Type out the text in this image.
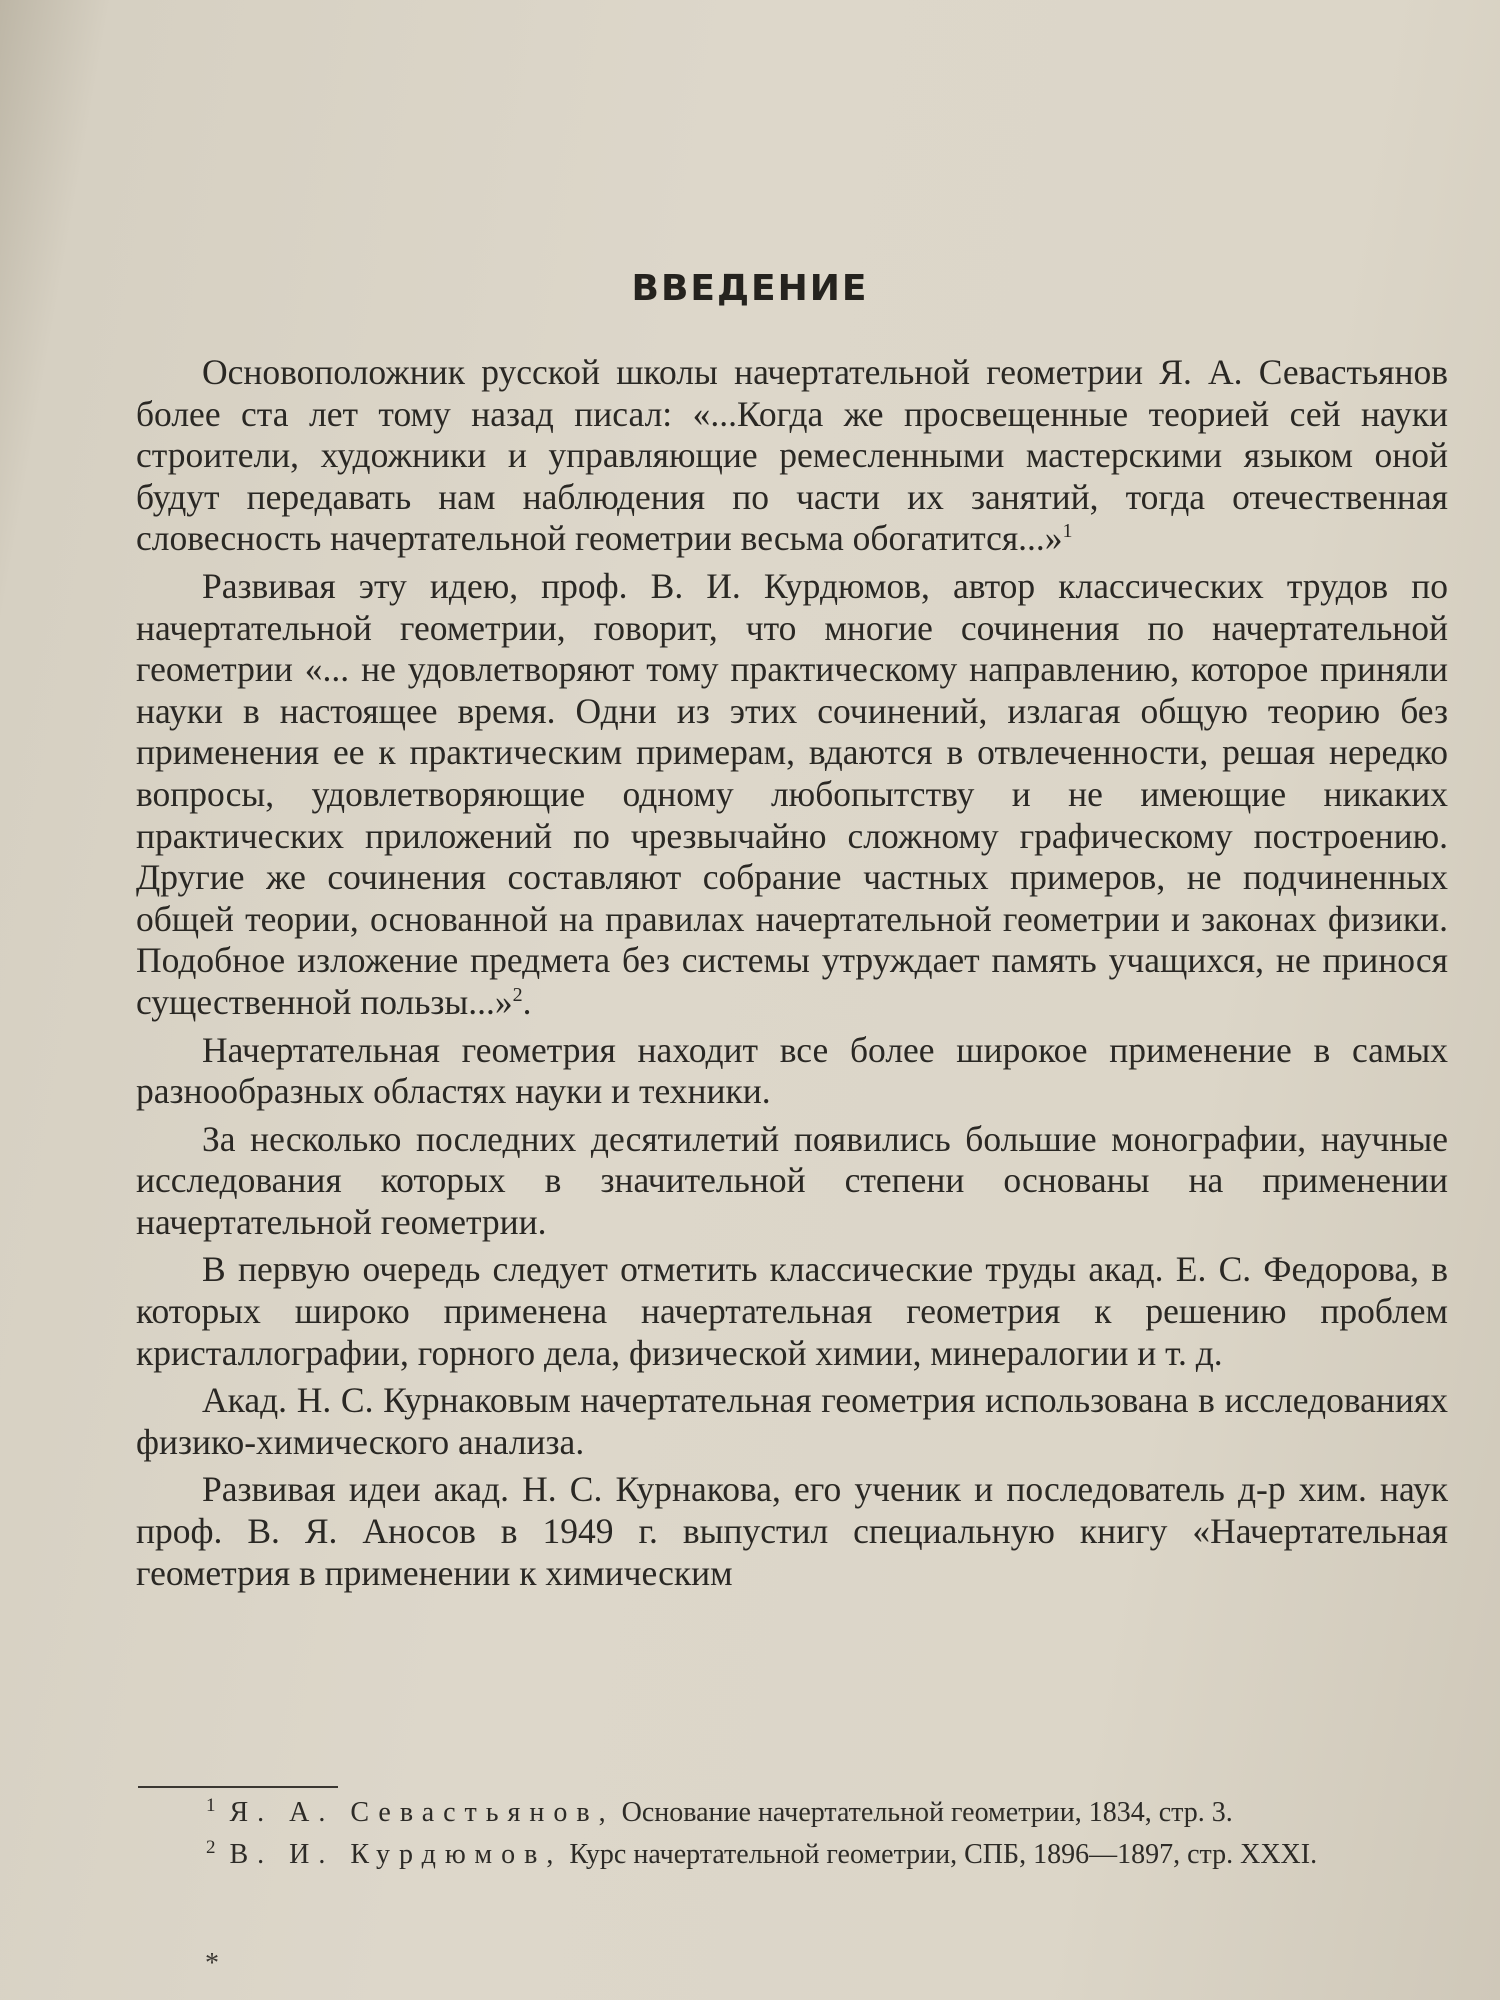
ВВЕДЕНИЕ

Основоположник русской школы начертательной геометрии Я. А. Севастьянов более ста лет тому назад писал: «...Когда же просвещенные теорией сей науки строители, художники и управляющие ремесленными мастерскими языком оной будут передавать нам наблюдения по части их занятий, тогда отечественная словесность начертательной геометрии весьма обогатится...»$^1$

Развивая эту идею, проф. В. И. Курдюмов, автор классических трудов по начертательной геометрии, говорит, что многие сочинения по начертательной геометрии «... не удовлетворяют тому практическому направлению, которое приняли науки в настоящее время. Одни из этих сочинений, излагая общую теорию без применения ее к практическим примерам, вдаются в отвлеченности, решая нередко вопросы, удовлетворяющие одному любопытству и не имеющие никаких практических приложений по чрезвычайно сложному графическому построению. Другие же сочинения составляют собрание частных примеров, не подчиненных общей теории, основанной на правилах начертательной геометрии и законах физики. Подобное изложение предмета без системы утруждает память учащихся, не принося существенной пользы...»$^2$.

Начертательная геометрия находит все более широкое применение в самых разнообразных областях науки и техники.

За несколько последних десятилетий появились большие монографии, научные исследования которых в значительной степени основаны на применении начертательной геометрии.

В первую очередь следует отметить классические труды акад. Е. С. Федорова, в которых широко применена начертательная геометрия к решению проблем кристаллографии, горного дела, физической химии, минералогии и т. д.

Акад. Н. С. Курнаковым начертательная геометрия использована в исследованиях физико-химического анализа.

Развивая идеи акад. Н. С. Курнакова, его ученик и последователь д-р хим. наук проф. В. Я. Аносов в 1949 г. выпустил специальную книгу «Начертательная геометрия в применении к химическим

$^1$ Я. А. Севастьянов, Основание начертательной геометрии, 1834, стр. 3.

$^2$ В. И. Курдюмов, Курс начертательной геометрии, СПБ, 1896—1897, стр. XXXI.

*
